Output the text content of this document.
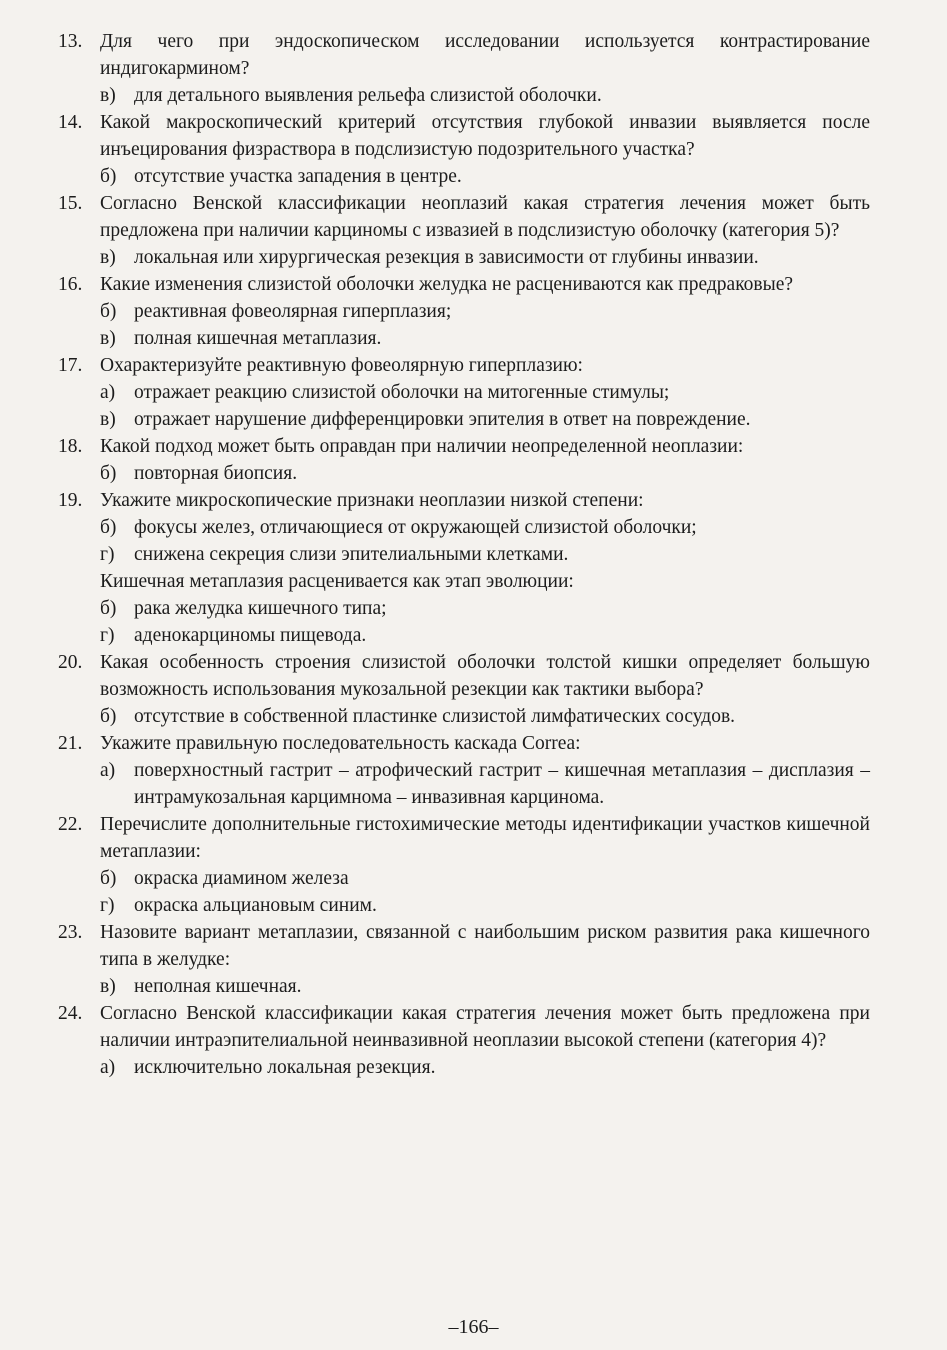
13. Для чего при эндоскопическом исследовании используется контрастирование индигокармином?
в) для детального выявления рельефа слизистой оболочки.
14. Какой макроскопический критерий отсутствия глубокой инвазии выявляется после инъецирования физраствора в подслизистую подозрительного участка?
б) отсутствие участка западения в центре.
15. Согласно Венской классификации неоплазий какая стратегия лечения может быть предложена при наличии карциномы с извазией в подслизистую оболочку (категория 5)?
в) локальная или хирургическая резекция в зависимости от глубины инвазии.
16. Какие изменения слизистой оболочки желудка не расцениваются как предраковые?
б) реактивная фовеолярная гиперплазия;
в) полная кишечная метаплазия.
17. Охарактеризуйте реактивную фовеолярную гиперплазию:
а) отражает реакцию слизистой оболочки на митогенные стимулы;
в) отражает нарушение дифференцировки эпителия в ответ на повреждение.
18. Какой подход может быть оправдан при наличии неопределенной неоплазии:
б) повторная биопсия.
19. Укажите микроскопические признаки неоплазии низкой степени:
б) фокусы желез, отличающиеся от окружающей слизистой оболочки;
г) снижена секреция слизи эпителиальными клетками.
Кишечная метаплазия расценивается как этап эволюции:
б) рака желудка кишечного типа;
г) аденокарциномы пищевода.
20. Какая особенность строения слизистой оболочки толстой кишки определяет большую возможность использования мукозальной резекции как тактики выбора?
б) отсутствие в собственной пластинке слизистой лимфатических сосудов.
21. Укажите правильную последовательность каскада Correa:
а) поверхностный гастрит – атрофический гастрит – кишечная метаплазия – дисплазия – интрамукозальная карцимнома – инвазивная карцинома.
22. Перечислите дополнительные гистохимические методы идентификации участков кишечной метаплазии:
б) окраска диамином железа
г) окраска альциановым синим.
23. Назовите вариант метаплазии, связанной с наибольшим риском развития рака кишечного типа в желудке:
в) неполная кишечная.
24. Согласно Венской классификации какая стратегия лечения может быть предложена при наличии интраэпителиальной неинвазивной неоплазии высокой степени (категория 4)?
а) исключительно локальная резекция.
–166–
